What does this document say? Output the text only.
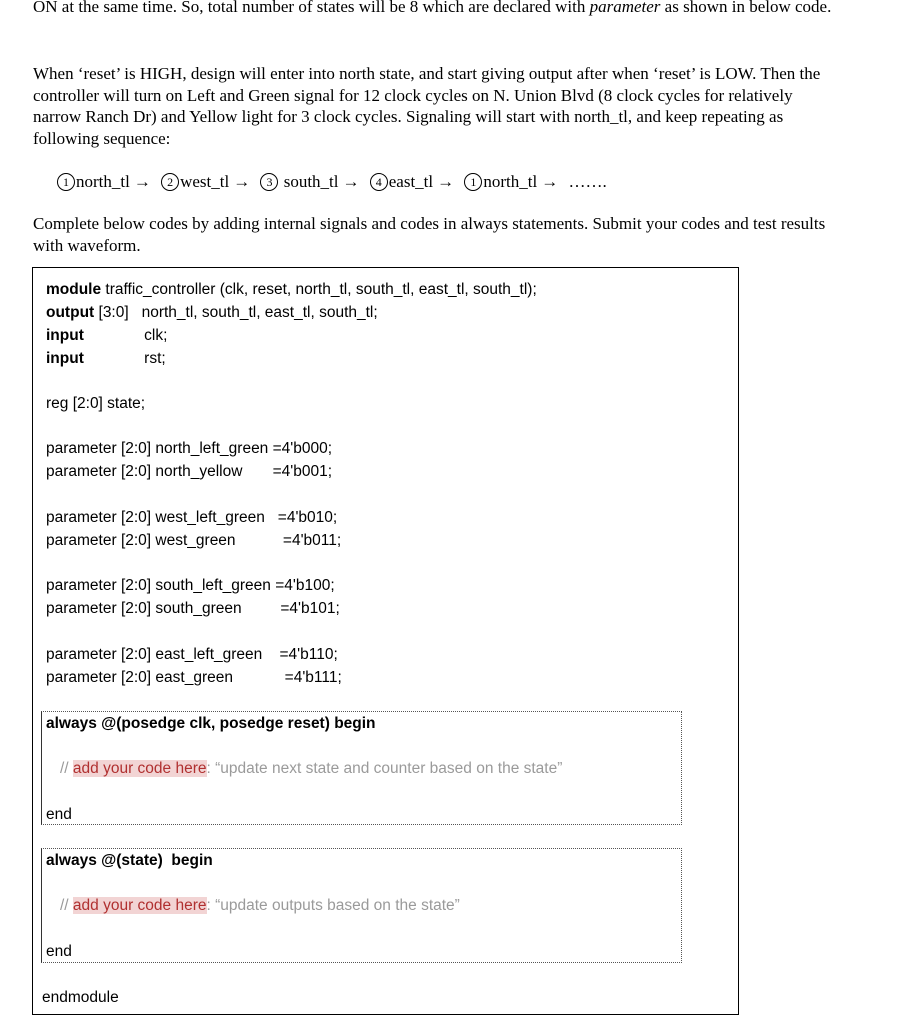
ON at the same time. So, total number of states will be 8 which are declared with parameter as shown in below code.

When ‘reset’ is HIGH, design will enter into north state, and start giving output after when ‘reset’ is LOW. Then the controller will turn on Left and Green signal for 12 clock cycles on N. Union Blvd (8 clock cycles for relatively narrow Ranch Dr) and Yellow light for 3 clock cycles. Signaling will start with north_tl, and keep repeating as following sequence:

1 north_tl → 2 west_tl → 3 south_tl → 4 east_tl → 1 north_tl → …….

Complete below codes by adding internal signals and codes in always statements. Submit your codes and test results with waveform.

module traffic_controller (clk, reset, north_tl, south_tl, east_tl, south_tl);
output [3:0]   north_tl, south_tl, east_tl, south_tl;
input              clk;
input              rst;
reg [2:0] state;
parameter [2:0] north_left_green =4'b000;
parameter [2:0] north_yellow       =4'b001;
parameter [2:0] west_left_green   =4'b010;
parameter [2:0] west_green           =4'b011;
parameter [2:0] south_left_green =4'b100;
parameter [2:0] south_green         =4'b101;
parameter [2:0] east_left_green    =4'b110;
parameter [2:0] east_green            =4'b111;
always @(posedge clk, posedge reset) begin
// add your code here: “update next state and counter based on the state”
end
always @(state)  begin
// add your code here: “update outputs based on the state”
end
endmodule
